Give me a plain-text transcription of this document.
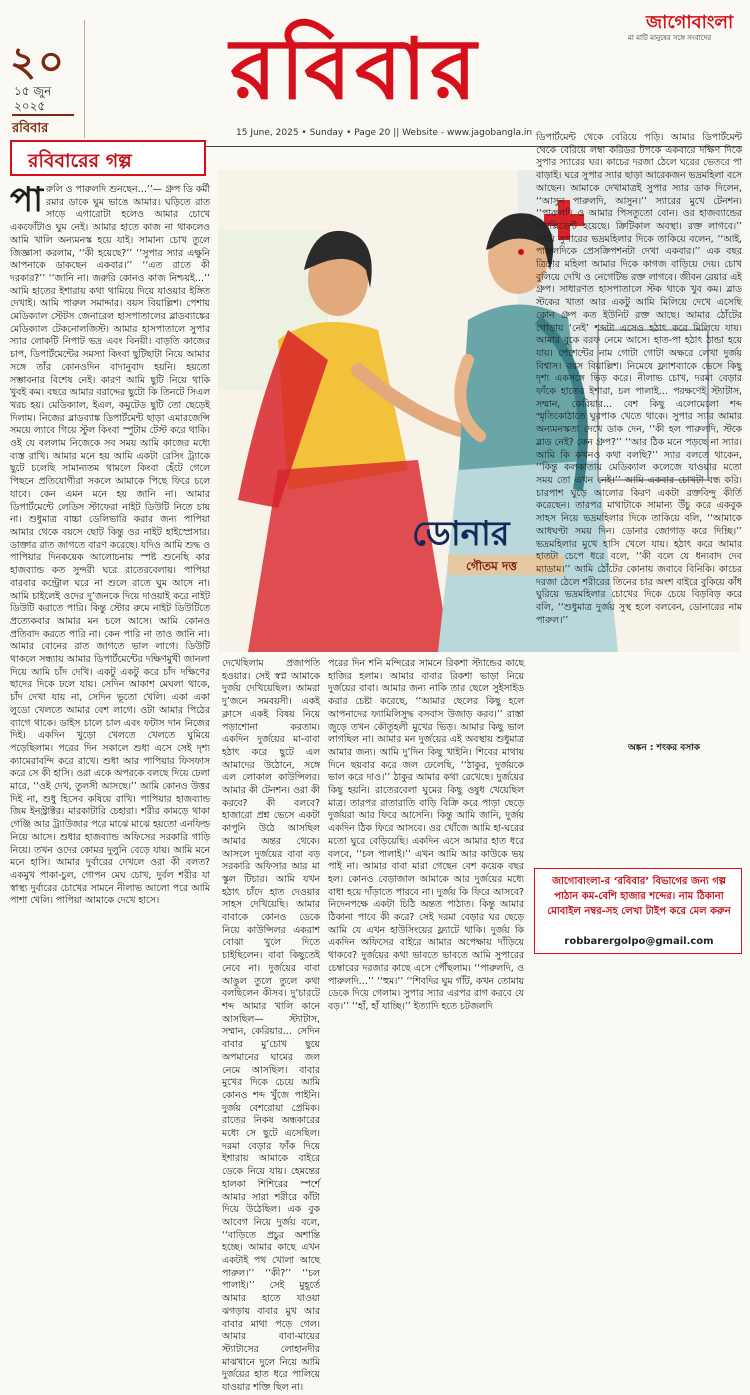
২০
১৫ জুন
২০২৫
রবিবার
রবিবার	জাগোবাংলা
মা মাটি মানুষের সঙ্গে সংবাদের
15 June, 2025 • Sunday • Page 20 || Website - www.jagobangla.in
রবিবারের গল্প
ডোনার
গৌতম দত্ত
পারুলি ও পারুলদি শুনছেন…’’— গ্রুপ ডি কর্মী রমার ডাকে ঘুম ভাঙে আমার। ঘড়িতে রাত সাড়ে এগারোটা হলেও আমার চোখে একফোঁটাও ঘুম নেই। আমার হাতে কাজ না থাকলেও আমি খালি অন্যমনস্ক হয়ে যাই। সামান্য চোখ তুলে জিজ্ঞাসা করলাম, ‘‘কী হয়েছে?’’ ‘‘সুপার স্যার এক্ষুনি আপনাকে ডাকছেন একবার।’’ ‘‘এত রাতে কী দরকার?’’ ‘‘জানি না। জরুরি কোনও কাজ নিশ্চয়ই…’’ আমি হাতের ইশারায় কথা থামিয়ে দিয়ে যাওয়ার ইঙ্গিত দেখাই। আমি পারুল সমাদ্দার। বয়স বিয়াল্লিশ। পেশায় মেডিক্যাল স্টেটস জেনারেল হাসপাতালের ব্লাডব্যাঙ্কের মেডিক্যাল টেকনোলজিস্ট। আমার হাসপাতালে সুপার স্যার লোকটি নিপাট ভদ্র এবং বিনয়ী। বাড়তি কাজের চাপ, ডিপার্টমেন্টের সমস্যা কিংবা ছুটিছাটা নিয়ে আমার সঙ্গে তাঁর কোনওদিন বাদানুবাদ হয়নি। হয়তো সম্ভাবনার বিশেষ নেই। কারণ আমি ছুটি নিয়ে থাকি খুবই কম। বছরে আমার বরাদ্দের ছুটো কি তিনটে সিএল খরচ হয়। মেডিক্যাল, ইএল, কমুটেড ছুটি তো ছেড়েই দিলাম। নিজের ব্লাডব্যাঙ্ক ডিপার্টমেন্ট ছাড়া এমারজেন্সি সময়ে ল্যাবে গিয়ে স্টুল কিংবা স্পুটাম টেস্ট করে থাকি। ওই যে বললাম নিজেকে সব সময় আমি কাজের মধ্যে ব্যস্ত রাখি। আমার মনে হয় আমি একটা রেসিং ট্র্যাকে ছুটে চলেছি সামান্যতম থামলে কিংবা হেঁটে গেলে পিছনে প্রতিযোগীরা সকলে আমাকে পিছে ফিরে চলে যাবে। কেন এমন মনে হয় জানি না। আমার ডিপার্টমেন্টে লেডিস স্টাফেরা নাইট ডিউটি নিতে চায় না। শুধুমাত্র বাচ্চা ডেলিভারি করার জন্য পাপিয়া আমার থেকে বয়সে ছোট কিন্তু ওর নাইট হাইস্প্রেসার। ডাক্তার রাত জাগতে বারণ করেছে। যদিও আমি শুদ্ধ ও পাপিয়ার দিনকয়েক আলোচনায় স্পষ্ট শুনেছি কার হাজব্যান্ড কত সুন্দরী ঘরে রাতেরবেলায়। পাপিয়া বারবার কন্ট্রোল ঘরে না শুলে রাতে ঘুম আসে না। আমি চাইলেই ওদের দু’জনকে দিয়ে দাওয়াই করে নাইট ডিউটি করাতে পারি। কিন্তু স্টোর রুমে নাইট ডিউটিতে প্রত্যেকবার আমার মন চলে আসে। আমি কোনও প্রতিবাদ করতে পারি না। কেন পারি না তাও জানি না। আমার বোনের রাত জাগতে ভাল লাগে। ডিউটি থাকলে সন্ধ্যায় আমার ডিপার্টমেন্টের দক্ষিণমুখী জানলা দিয়ে আমি চাঁদ দেখি। একটু একটু করে চাঁদ দক্ষিণের ছাদের দিকে ঢলে যায়। সেদিন আকাশ মেঘলা থাকে, চাঁদ দেখা যায় না, সেদিন ভূতো খেলি। একা একা লুডো খেলতে আমার বেশ লাগে। ওটা আমার পিঠের ব্যাগে থাকে। ডাইস চালে চাল এবং ফটাস দান নিজের দিই। একদিন খুড়ো খেলতে খেলতে ঘুমিয়ে পড়েছিলাম। পরের দিন সকালে শুধা এসে সেই দৃশ্য ক্যামেরাবন্দি করে রাখে। শুধা আর পাপিয়ার ফিসফাস করে সে কী হাসি। ওরা একে অপরকে বলছে দিয়ে ঢেলা মারে, ‘‘ওই দেখ, তুলসী আসছে।’’ আমি কোনও উত্তর দিই না, শুধু হিসেব কষিয়ে রাখি। পাপিয়ার হাজব্যান্ড জিম ইনস্ট্রাক্টর। মারকাটারি চেহারা। শরীর কামড়ে থাকা গেঞ্জি আর ট্র্যাউজার পরে মাঝে মাঝে হয়তো এনফিল্ড নিয়ে আসে। শুধার হাজব্যান্ড অফিসের সরকারি গাড়ি নিয়ে। তখন ওদের কোমর দুলুনি বেড়ে যায়। আমি মনে মনে হাসি। আমার দুর্বারের দেখলে ওরা কী বলত? একমুখ পাকা-চুল, গোপন মেঘ চোখ, দুর্বল শরীর যা স্বাস্থ্য দুর্বারের চোখের সামনে নীলাভ আলো পরে আমি পাশা খেলি। পাপিয়া আমাকে দেখে হাসে।
দেখেছিলাম প্রজাপতি হওয়ার। সেই স্বপ্ন আমাকে দুর্জয় দেখিয়েছিল। আমরা দু’জনে সমবয়সী। একই ক্লাসে একই বিষয় নিয়ে পড়াশোনা করতাম। একদিন দুর্জয়ের মা-বাবা হঠাৎ করে ছুটে এল আমাদের উঠোনে, সঙ্গে এল লোকাল কাউন্সিলর। আমার কী টেনশন। ওরা কী করবে? কী বলবে? হাজারো প্রশ্ন ভেসে একটা কাপুনি উঠে আসছিল আমার অন্তর থেকে। আসলে দুর্জয়ের বাবা বড় সরকারি অফিসার আর মা স্কুল টিচার। আমি যখন হঠাৎ চাঁদে হাত দেওয়ার সাহস দেখিয়েছি। আমার বাবাকে কোনও ডেকে নিয়ে কাউন্সিলর একরাশ বোঝা খুলে দিতে চাইছিলেন। বাবা কিছুতেই নেবে না। দুর্জয়ের বাবা আঙুল তুলে তুলে কথা বলছিলেন কীসব। দু’চারটে শব্দ আমার খালি কানে আসছিল— স্ট্যাটাস, সম্মান, কেরিয়ার… সেদিন বাবার মু’চোখ ছুয়ে অপমানের ঘামের জল নেমে আসছিল। বাবার মুখের দিকে চেয়ে আমি কোনও শব্দ খুঁজে পাইনি। দুর্জয় বেশরোয়া প্রেমিক। রাতের নিকষ অন্ধকারের মধ্যে সে ছুটে এসেছিল। দরমা বেড়ার ফাঁক দিয়ে ইশারায় আমাকে বাইরে ডেকে নিয়ে যায়। হেমন্তের হালকা শিশিরের স্পর্শে আমার সারা শরীরে কাঁটা দিয়ে উঠেছিল। এক বুক আবেগ নিয়ে দুর্জয় বলে, ‘‘বাড়িতে প্রচুর অশান্তি হচ্ছে। আমার কাছে এখন একটাই পথ খোলা আছে পারুল।’’ ‘‘কী?’’ ‘‘চল পালাই।’’ সেই মুহূর্তে আমার হাতে যাওয়া ঝগড়ায় বাবার মুখ আর বাবার মাথা পড়ে গেল। আমার বাবা-মায়ের স্ট্যাটাসের লোহানদীর মাঝখানে দুলে নিয়ে আমি দুর্জয়ের হাত ধরে পালিয়ে যাওয়ার শক্তি ছিল না।
পরের দিন শনি মন্দিরের সামনে রিকশা স্ট্যান্ডের কাছে হাজির হলাম। আমার বাবার রিকশা ভাড়া নিয়ে দুর্জয়ের বাবা। আমার জন্য নাকি তার ছেলে সুইসাইড করার চেষ্টা করেছে, ‘‘আমার ছেলের কিছু হলে আপনাদের ফ্যামিলিসুদ্ধ বসবাস উজাড় করব।’’ রাস্তা জুড়ে তখন কৌতূহলী মুখের ভিড়। আমার কিছু ভাল লাগছিল না। আমার মন দুর্জয়ের এই অবস্থায় শুধুমাত্র আমার জন্য। আমি দু’দিন কিছু খাইনি। শিবের মাথায় দিনে ছয়বার করে জল ঢেলেছি, ‘‘ঠাকুর, দুর্জয়কে ভাল করে দাও।’’ ঠাকুর আমার কথা রেখেছে। দুর্জয়ের কিছু হয়নি। রাতেরবেলা ঘুমের কিছু ওষুধ খেয়েছিল মাত্র। তারপর রাতারাতি বাড়ি বিক্রি করে পাড়া ছেড়ে দুর্জয়রা আর ফিরে আসেনি। কিন্তু আমি জানি, দুর্জয় একদিন ঠিক ফিরে আসবে। ওর খোঁজে আমি হা-ঘরের মতো ঘুরে বেড়িয়েছি। একদিন এসে আমার হাত ধরে বলবে, ‘‘চল পালাই।’’ এখন আমি আর কাউকে ভয় পাই না। আমার বাবা মারা গেছেন বেশ কয়েক বছর হল। কোনও বেড়াজাল আমাকে আর দুর্জয়ের মধ্যে বাধা হয়ে দাঁড়াতে পারবে না। দুর্জয় কি ফিরে আসবে? নিদেনপক্ষে একটা চিঠি অন্তত পাঠাত। কিন্তু আমার ঠিকানা পাবে কী করে? সেই দরমা বেড়ার ঘর ছেড়ে আমি যে এখন হাউসিংয়ের ফ্ল্যাটে থাকি। দুর্জয় কি একদিন অফিসের বাইরে আমার অপেক্ষায় দাঁড়িয়ে থাকবে? দুর্জয়ের কথা ভাবতে ভাবতে আমি সুপারের চেম্বারের দরজার কাছে এসে পৌঁছলাম। ‘‘পারুলদি, ও পারুলদি…’’ ‘‘হুম।’’ ‘‘শিবদির ঘুম গাঁট, কখন তোমায় ডেকে দিয়ে গেলাম। সুপার স্যার এরপর রাগ করবে যে বড়।’’ ‘‘হাঁ, হাঁ যাচ্ছি।’’ ইত্যাদি হতে চটজলদি
ডিপার্টমেন্ট থেকে বেরিয়ে পড়ি। আমার ডিপার্টমেন্ট থেকে বেরিয়ে লম্বা করিডর টপকে একবারে দক্ষিণ দিকে সুপার স্যারের ঘর। কাচের দরজা ঠেলে ঘরের ভেতরে পা বাড়াই। ঘরে সুপার স্যার ছাড়া আরেকজন ভদ্রমহিলা বসে আছেন। আমাকে দেখামাত্রই সুপার স্যার ডাক দিলেন, ‘‘আসুন পারুলদি, আসুন।’’ স্যারের মুখে টেনশন। ‘‘পারুলদি ও আমার পিসতুতো বোন। ওর হাজব্যান্ডের অ্যাক্সিডেন্ট হয়েছে। ক্রিটিকাল অবস্থা। রক্ত লাগবে।’’ আমি সুপারের ভদ্রমহিলার দিকে তাকিয়ে বলেন, ‘‘আই, পারুলদিকে প্রেসক্রিপশনটা দেখা একবার।’’ এক বছর ত্রিশের মহিলা আমার দিকে কাগজ বাড়িয়ে দেয়। চোখ বুলিয়ে দেখি ও নেগেটিভ রক্ত লাগবে। জীবন রেয়ার এই গ্রুপ। সাধারণত হাসপাতালে স্টক থাকে খুব কম। ব্লাড স্টকের খাতা আর একটু আমি মিলিয়ে দেখে এসেছি কোন গ্রুপ কত ইউনিট রক্ত আছে। আমার ঠোঁটের গোড়ায় ‘নেই’ শব্দটা এসেও হঠাৎ করে মিলিয়ে যায়। আমার বুকে বরফ নেমে আসে। হাত-পা হঠাৎ ঠান্ডা হয়ে যায়। পেশেন্টের নাম গোটা গোটা অক্ষরে লেখা দুর্জয় বিশ্বাস। বয়স বিয়াল্লিশ। নিমেষে ফ্ল্যাশব্যাকে ভেসে কিছু দৃশ্য একসঙ্গে ভিড় করে। নীলাভ চোখ, দরমা বেড়ার ফাঁকে হাতের ইশারা, চল পালাই… পরক্ষণেই স্ট্যাটাস, সম্মান, কেরিয়ার… বেশ কিছু এলোমেলো শব্দ স্মৃতিকোঠাতে ঘুরপাক খেতে থাকে। সুপার স্যার আমার অন্যমনস্কতা দেখে ডাক দেন, ‘‘কী হল পারুলদি, স্টকে ব্লাড নেই? কেন গ্রুপ?’’ ‘‘আর ঠিক মনে পড়ছে না স্যার। আমি কি কখনও কথা বলছি?’’ স্যার বলতে থাকেন, ‘‘কিন্তু কলকাতায় মেডিক্যাল কলেজে যাওয়ার মতো সময় তো এখন নেই।’’ আমি একবার চোখটা বন্ধ করি। চারপাশ ঘুড়ে আলোর কিরণ একটা রক্তবিন্দু কীর্তি করেছেন। তারপর মাথাটাকে সামান্য উঁচু করে একবুক সাহস নিয়ে ভদ্রমহিলার দিকে তাকিয়ে বলি, ‘‘আমাকে আধঘণ্টা সময় দিন। ডোনার জোগাড় করে দিচ্ছি।’’ ভদ্রমহিলার মুখে হাসি খেলে যায়। হঠাৎ করে আমার হাতটা চেপে ধরে বলে, ‘‘কী বলে যে ধন্যবাদ দেব ম্যাডাম।’’ আমি ঠোঁটের কোনায় জবাবে বিনিকি। কাচের দরজা ঠেলে শরীরের তিনের চার অংশ বাইরে বুকিয়ে কাঁধ ঘুরিয়ে ভদ্রমহিলার চোখের দিকে চেয়ে বিড়বিড় করে বলি, ‘‘শুধুমাত্র দুর্জয় সুস্থ হলে বলবেন, ডোনারের নাম পারুল।’’
অঙ্কন : শংকর বসাক
জাগোবাংলা-র ‘রবিবার’ বিভাগের জন্য গল্প পাঠান কম-বেশি হাজার শব্দের। নাম ঠিকানা মোবাইল নম্বর-সহ লেখা টাইপ করে মেল করুন
robbarergolpo@gmail.com
